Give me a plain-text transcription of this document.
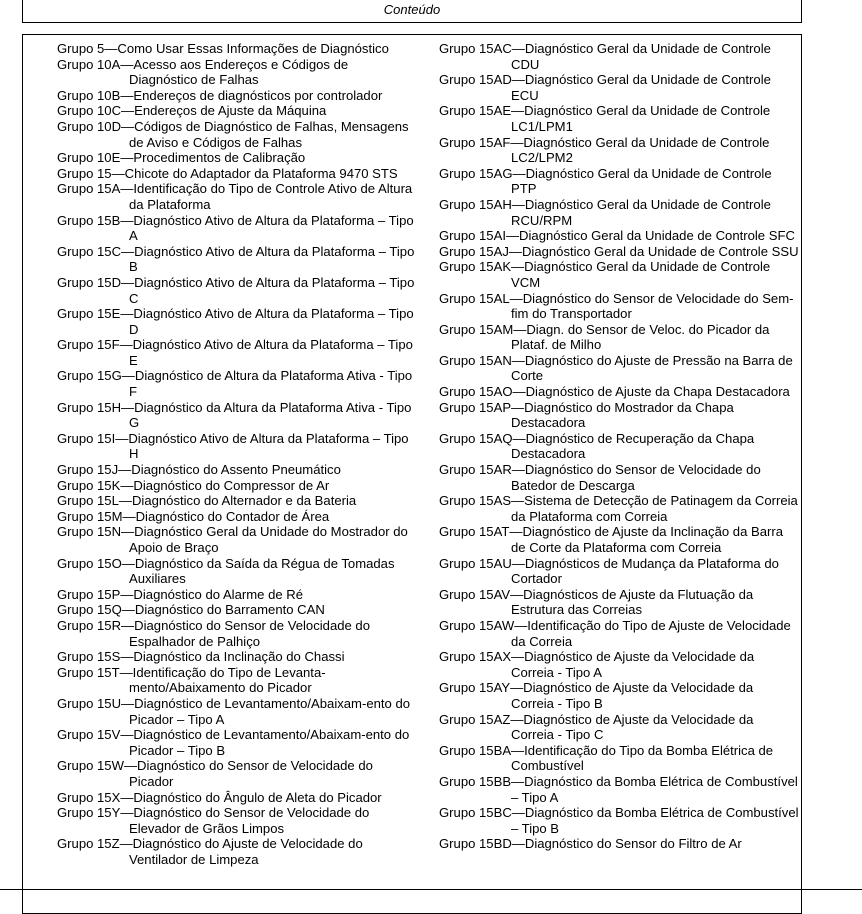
Conteúdo
Grupo 5—Como Usar Essas Informações de Diagnóstico
Grupo 10A—Acesso aos Endereços e Códigos de Diagnóstico de Falhas
Grupo 10B—Endereços de diagnósticos por controlador
Grupo 10C—Endereços de Ajuste da Máquina
Grupo 10D—Códigos de Diagnóstico de Falhas, Mensagens de Aviso e Códigos de Falhas
Grupo 10E—Procedimentos de Calibração
Grupo 15—Chicote do Adaptador da Plataforma 9470 STS
Grupo 15A—Identificação do Tipo de Controle Ativo de Altura da Plataforma
Grupo 15B—Diagnóstico Ativo de Altura da Plataforma – Tipo A
Grupo 15C—Diagnóstico Ativo de Altura da Plataforma – Tipo B
Grupo 15D—Diagnóstico Ativo de Altura da Plataforma – Tipo C
Grupo 15E—Diagnóstico Ativo de Altura da Plataforma – Tipo D
Grupo 15F—Diagnóstico Ativo de Altura da Plataforma – Tipo E
Grupo 15G—Diagnóstico de Altura da Plataforma Ativa - Tipo F
Grupo 15H—Diagnóstico da Altura da Plataforma Ativa - Tipo G
Grupo 15I—Diagnóstico Ativo de Altura da Plataforma – Tipo H
Grupo 15J—Diagnóstico do Assento Pneumático
Grupo 15K—Diagnóstico do Compressor de Ar
Grupo 15L—Diagnóstico do Alternador e da Bateria
Grupo 15M—Diagnóstico do Contador de Área
Grupo 15N—Diagnóstico Geral da Unidade do Mostrador do Apoio de Braço
Grupo 15O—Diagnóstico da Saída da Régua de Tomadas Auxiliares
Grupo 15P—Diagnóstico do Alarme de Ré
Grupo 15Q—Diagnóstico do Barramento CAN
Grupo 15R—Diagnóstico do Sensor de Velocidade do Espalhador de Palhiço
Grupo 15S—Diagnóstico da Inclinação do Chassi
Grupo 15T—Identificação do Tipo de Levanta-mento/Abaixamento do Picador
Grupo 15U—Diagnóstico de Levantamento/Abaixam-ento do Picador – Tipo A
Grupo 15V—Diagnóstico de Levantamento/Abaixam-ento do Picador – Tipo B
Grupo 15W—Diagnóstico do Sensor de Velocidade do Picador
Grupo 15X—Diagnóstico do Ângulo de Aleta do Picador
Grupo 15Y—Diagnóstico do Sensor de Velocidade do Elevador de Grãos Limpos
Grupo 15Z—Diagnóstico do Ajuste de Velocidade do Ventilador de Limpeza
Grupo 15AC—Diagnóstico Geral da Unidade de Controle CDU
Grupo 15AD—Diagnóstico Geral da Unidade de Controle ECU
Grupo 15AE—Diagnóstico Geral da Unidade de Controle LC1/LPM1
Grupo 15AF—Diagnóstico Geral da Unidade de Controle LC2/LPM2
Grupo 15AG—Diagnóstico Geral da Unidade de Controle PTP
Grupo 15AH—Diagnóstico Geral da Unidade de Controle RCU/RPM
Grupo 15AI—Diagnóstico Geral da Unidade de Controle SFC
Grupo 15AJ—Diagnóstico Geral da Unidade de Controle SSU
Grupo 15AK—Diagnóstico Geral da Unidade de Controle VCM
Grupo 15AL—Diagnóstico do Sensor de Velocidade do Sem-fim do Transportador
Grupo 15AM—Diagn. do Sensor de Veloc. do Picador da Plataf. de Milho
Grupo 15AN—Diagnóstico do Ajuste de Pressão na Barra de Corte
Grupo 15AO—Diagnóstico de Ajuste da Chapa Destacadora
Grupo 15AP—Diagnóstico do Mostrador da Chapa Destacadora
Grupo 15AQ—Diagnóstico de Recuperação da Chapa Destacadora
Grupo 15AR—Diagnóstico do Sensor de Velocidade do Batedor de Descarga
Grupo 15AS—Sistema de Detecção de Patinagem da Correia da Plataforma com Correia
Grupo 15AT—Diagnóstico de Ajuste da Inclinação da Barra de Corte da Plataforma com Correia
Grupo 15AU—Diagnósticos de Mudança da Plataforma do Cortador
Grupo 15AV—Diagnósticos de Ajuste da Flutuação da Estrutura das Correias
Grupo 15AW—Identificação do Tipo de Ajuste de Velocidade da Correia
Grupo 15AX—Diagnóstico de Ajuste da Velocidade da Correia - Tipo A
Grupo 15AY—Diagnóstico de Ajuste da Velocidade da Correia - Tipo B
Grupo 15AZ—Diagnóstico de Ajuste da Velocidade da Correia - Tipo C
Grupo 15BA—Identificação do Tipo da Bomba Elétrica de Combustível
Grupo 15BB—Diagnóstico da Bomba Elétrica de Combustível – Tipo A
Grupo 15BC—Diagnóstico da Bomba Elétrica de Combustível – Tipo B
Grupo 15BD—Diagnóstico do Sensor do Filtro de Ar
